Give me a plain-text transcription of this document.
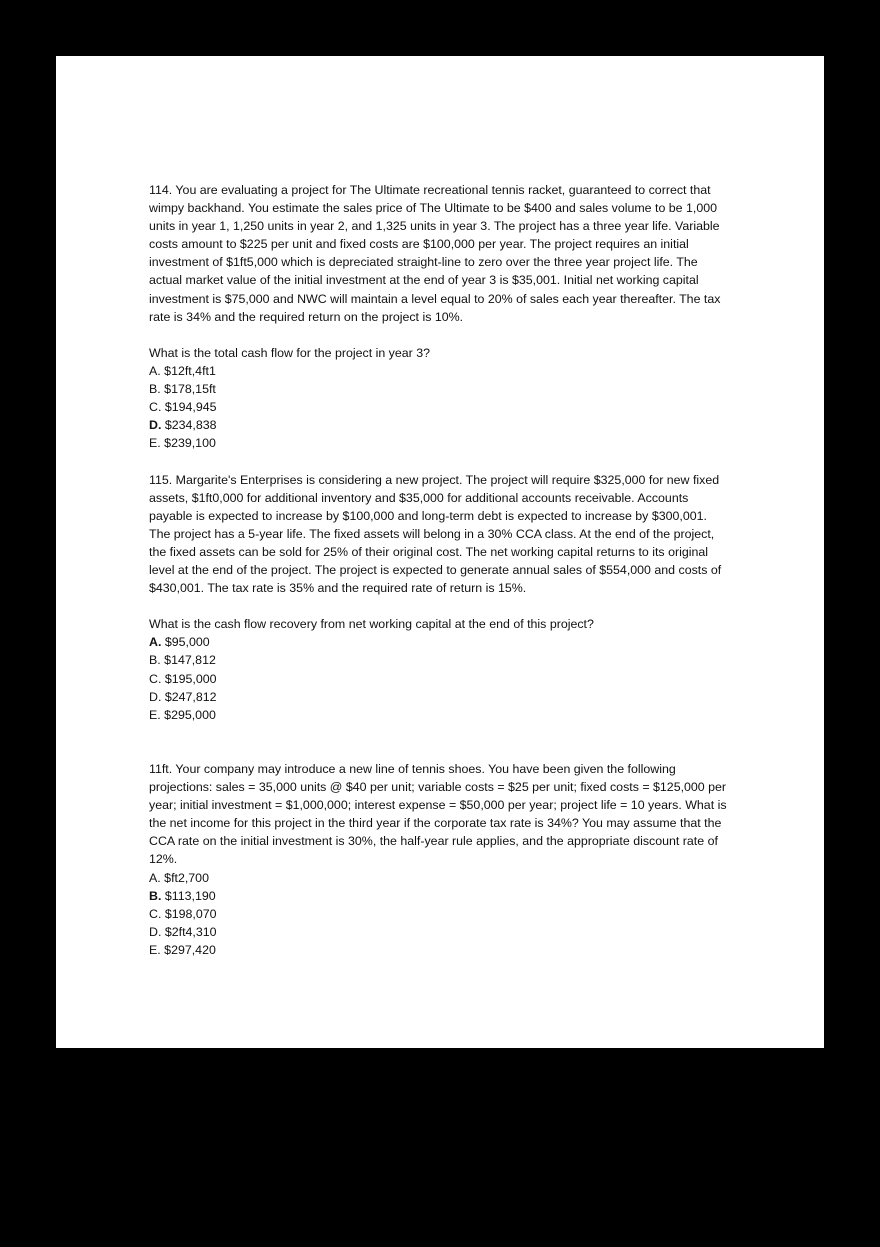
114. You are evaluating a project for The Ultimate recreational tennis racket, guaranteed to correct that wimpy backhand. You estimate the sales price of The Ultimate to be $400 and sales volume to be 1,000 units in year 1, 1,250 units in year 2, and 1,325 units in year 3. The project has a three year life. Variable costs amount to $225 per unit and fixed costs are $100,000 per year. The project requires an initial investment of $1ft5,000 which is depreciated straight-line to zero over the three year project life. The actual market value of the initial investment at the end of year 3 is $35,001. Initial net working capital investment is $75,000 and NWC will maintain a level equal to 20% of sales each year thereafter. The tax rate is 34% and the required return on the project is 10%.

What is the total cash flow for the project in year 3?

A. $12ft,4ft1

B. $178,15ft

C. $194,945

D. $234,838

E. $239,100

115. Margarite's Enterprises is considering a new project. The project will require $325,000 for new fixed assets, $1ft0,000 for additional inventory and $35,000 for additional accounts receivable. Accounts payable is expected to increase by $100,000 and long-term debt is expected to increase by $300,001. The project has a 5-year life. The fixed assets will belong in a 30% CCA class. At the end of the project, the fixed assets can be sold for 25% of their original cost. The net working capital returns to its original level at the end of the project. The project is expected to generate annual sales of $554,000 and costs of $430,001. The tax rate is 35% and the required rate of return is 15%.

What is the cash flow recovery from net working capital at the end of this project?

A. $95,000

B. $147,812

C. $195,000

D. $247,812

E. $295,000

11ft. Your company may introduce a new line of tennis shoes. You have been given the following projections: sales = 35,000 units @ $40 per unit; variable costs = $25 per unit; fixed costs = $125,000 per year; initial investment = $1,000,000; interest expense = $50,000 per year; project life = 10 years. What is the net income for this project in the third year if the corporate tax rate is 34%? You may assume that the CCA rate on the initial investment is 30%, the half-year rule applies, and the appropriate discount rate of 12%.

A. $ft2,700

B. $113,190

C. $198,070

D. $2ft4,310

E. $297,420
